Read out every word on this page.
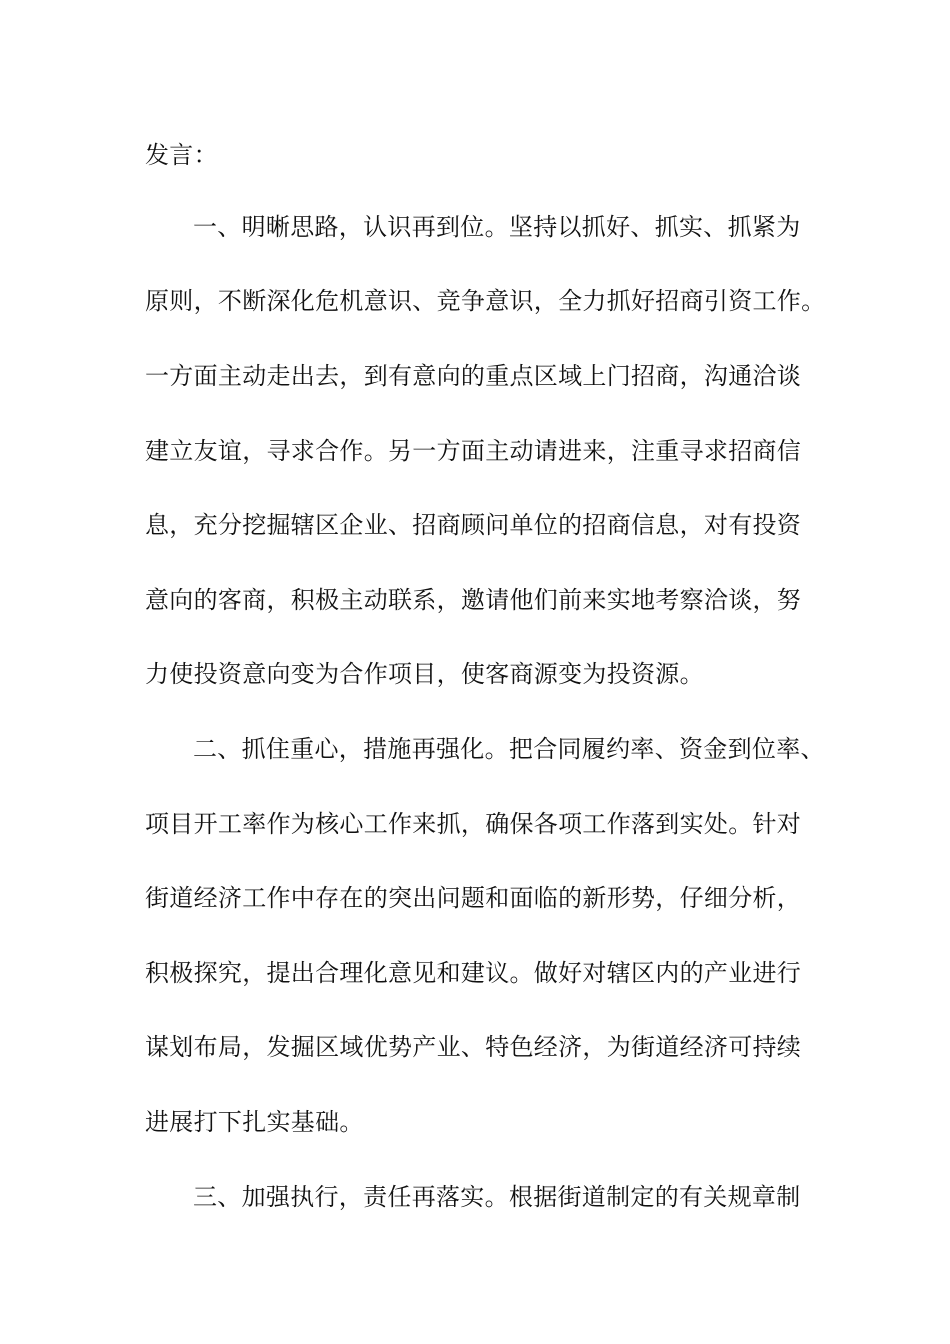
发言：
一、明晰思路，认识再到位。坚持以抓好、抓实、抓紧为
原则，不断深化危机意识、竞争意识，全力抓好招商引资工作。
一方面主动走出去，到有意向的重点区域上门招商，沟通洽谈
建立友谊，寻求合作。另一方面主动请进来，注重寻求招商信
息，充分挖掘辖区企业、招商顾问单位的招商信息，对有投资
意向的客商，积极主动联系，邀请他们前来实地考察洽谈，努
力使投资意向变为合作项目，使客商源变为投资源。
二、抓住重心，措施再强化。把合同履约率、资金到位率、
项目开工率作为核心工作来抓，确保各项工作落到实处。针对
街道经济工作中存在的突出问题和面临的新形势，仔细分析，
积极探究，提出合理化意见和建议。做好对辖区内的产业进行
谋划布局，发掘区域优势产业、特色经济，为街道经济可持续
进展打下扎实基础。
三、加强执行，责任再落实。根据街道制定的有关规章制
